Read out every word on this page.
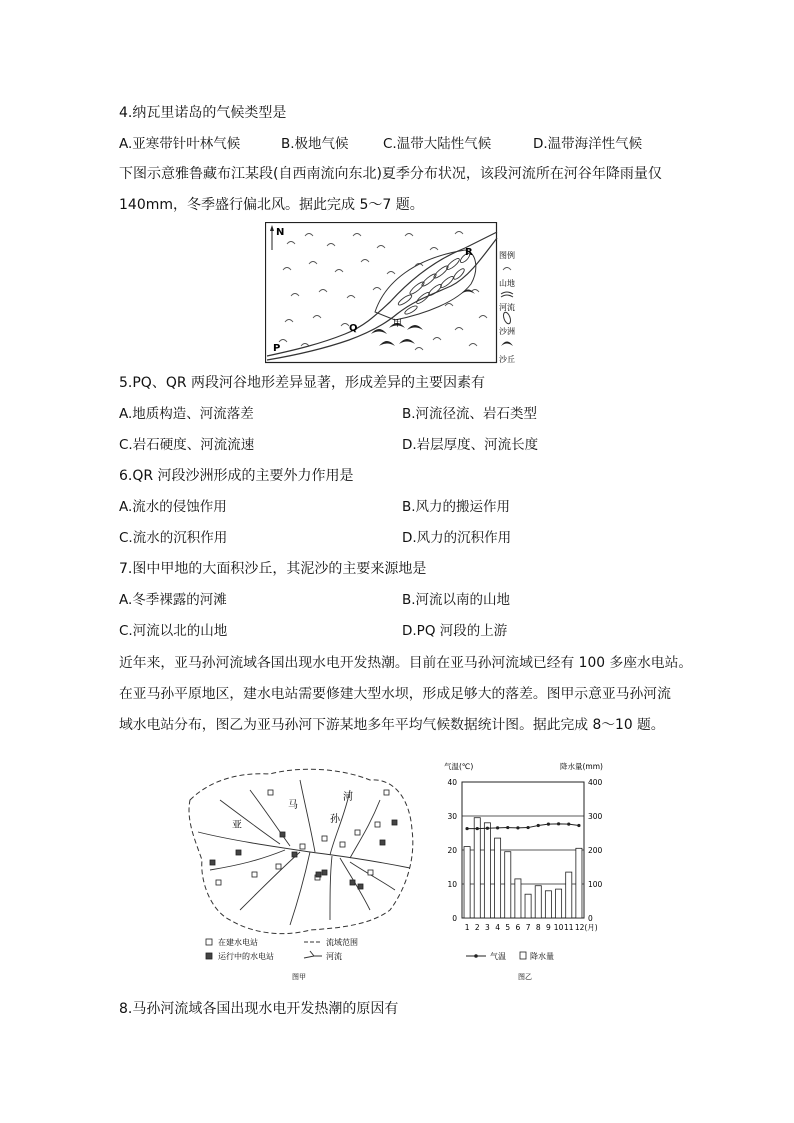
4.纳瓦里诺岛的气候类型是
A.亚寒带针叶林气候	B.极地气候	C.温带大陆性气候	D.温带海洋性气候
下图示意雅鲁藏布江某段(自西南流向东北)夏季分布状况，该段河流所在河谷年降雨量仅
140mm，冬季盛行偏北风。据此完成 5～7 题。
N
P
Q
R
甲
图例
山地
河流
沙洲
沙丘
5.PQ、QR 两段河谷地形差异显著，形成差异的主要因素有
A.地质构造、河流落差	B.河流径流、岩石类型
C.岩石硬度、河流流速	D.岩层厚度、河流长度
6.QR 河段沙洲形成的主要外力作用是
A.流水的侵蚀作用	B.风力的搬运作用
C.流水的沉积作用	D.风力的沉积作用
7.图中甲地的大面积沙丘，其泥沙的主要来源地是
A.冬季裸露的河滩	B.河流以南的山地
C.河流以北的山地	D.PQ 河段的上游
近年来，亚马孙河流域各国出现水电开发热潮。目前在亚马孙河流域已经有 100 多座水电站。
在亚马孙平原地区，建水电站需要修建大型水坝，形成足够大的落差。图甲示意亚马孙河流
域水电站分布，图乙为亚马孙河下游某地多年平均气候数据统计图。据此完成 8～10 题。
亚
马
孙
河
在建水电站
运行中的水电站
流域范围
河流
图甲
气温(℃)	降水量(mm)
0
10
20
30
40
0
100
200
300
400
1 2 3 4 5 6 7 8 9 10 11 12(月)
气温	降水量
图乙
8.马孙河流域各国出现水电开发热潮的原因有
